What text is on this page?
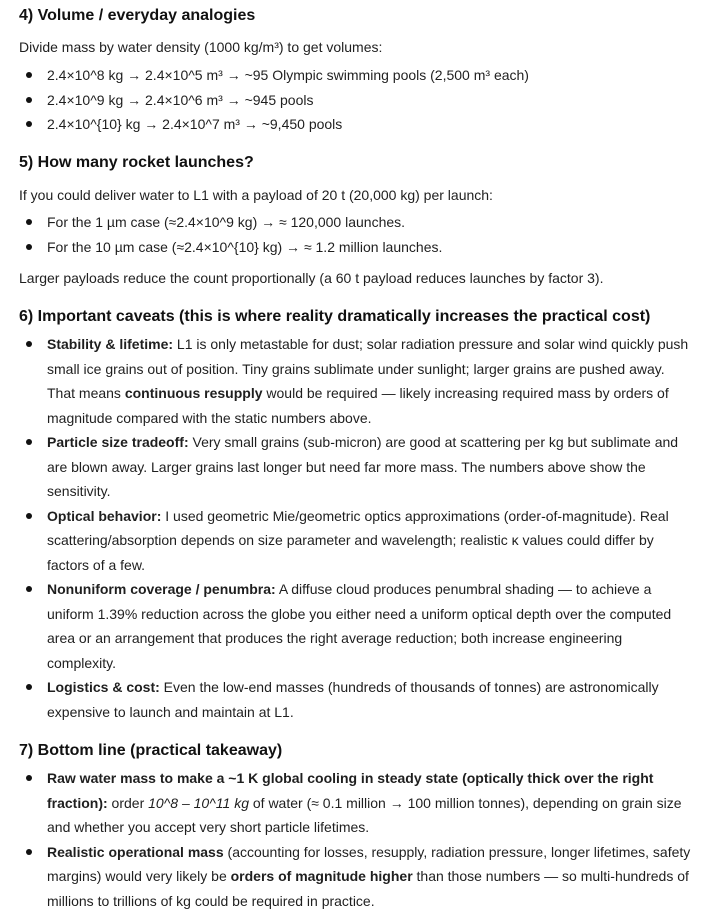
4) Volume / everyday analogies

Divide mass by water density (1000 kg/m³) to get volumes:

2.4×10^8 kg → 2.4×10^5 m³ → ~95 Olympic swimming pools (2,500 m³ each)
2.4×10^9 kg → 2.4×10^6 m³ → ~945 pools
2.4×10^{10} kg → 2.4×10^7 m³ → ~9,450 pools
5) How many rocket launches?

If you could deliver water to L1 with a payload of 20 t (20,000 kg) per launch:

For the 1 µm case (≈2.4×10^9 kg) → ≈ 120,000 launches.
For the 10 µm case (≈2.4×10^{10} kg) → ≈ 1.2 million launches.

Larger payloads reduce the count proportionally (a 60 t payload reduces launches by factor 3).

6) Important caveats (this is where reality dramatically increases the practical cost)
Stability & lifetime: L1 is only metastable for dust; solar radiation pressure and solar wind quickly push small ice grains out of position. Tiny grains sublimate under sunlight; larger grains are pushed away. That means continuous resupply would be required — likely increasing required mass by orders of magnitude compared with the static numbers above.
Particle size tradeoff: Very small grains (sub-micron) are good at scattering per kg but sublimate and are blown away. Larger grains last longer but need far more mass. The numbers above show the sensitivity.
Optical behavior: I used geometric Mie/geometric optics approximations (order-of-magnitude). Real scattering/absorption depends on size parameter and wavelength; realistic κ values could differ by factors of a few.
Nonuniform coverage / penumbra: A diffuse cloud produces penumbral shading — to achieve a uniform 1.39% reduction across the globe you either need a uniform optical depth over the computed area or an arrangement that produces the right average reduction; both increase engineering complexity.
Logistics & cost: Even the low-end masses (hundreds of thousands of tonnes) are astronomically expensive to launch and maintain at L1.
7) Bottom line (practical takeaway)
Raw water mass to make a ~1 K global cooling in steady state (optically thick over the right fraction): order 10^8 – 10^11 kg of water (≈ 0.1 million → 100 million tonnes), depending on grain size and whether you accept very short particle lifetimes.
Realistic operational mass (accounting for losses, resupply, radiation pressure, longer lifetimes, safety margins) would very likely be orders of magnitude higher than those numbers — so multi-hundreds of millions to trillions of kg could be required in practice.
